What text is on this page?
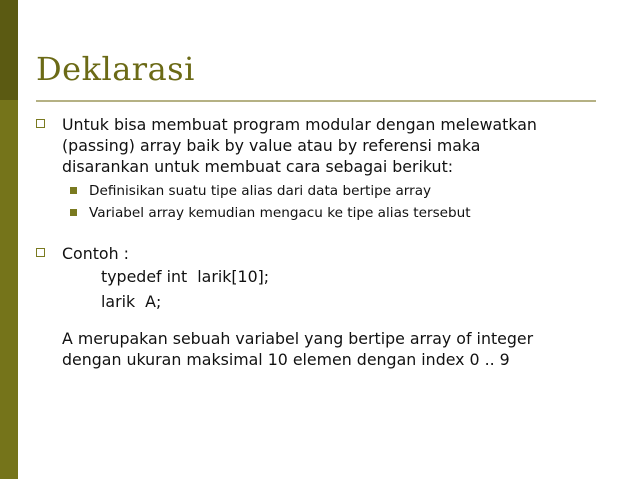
Deklarasi
Untuk bisa membuat program modular dengan melewatkan
(passing) array baik by value atau by referensi maka
disarankan untuk membuat cara sebagai berikut:
Definisikan suatu tipe alias dari data bertipe array
Variabel array kemudian mengacu ke tipe alias tersebut
Contoh :
typedef int  larik[10];
larik  A;
A merupakan sebuah variabel yang bertipe array of integer
dengan ukuran maksimal 10 elemen dengan index 0 .. 9
